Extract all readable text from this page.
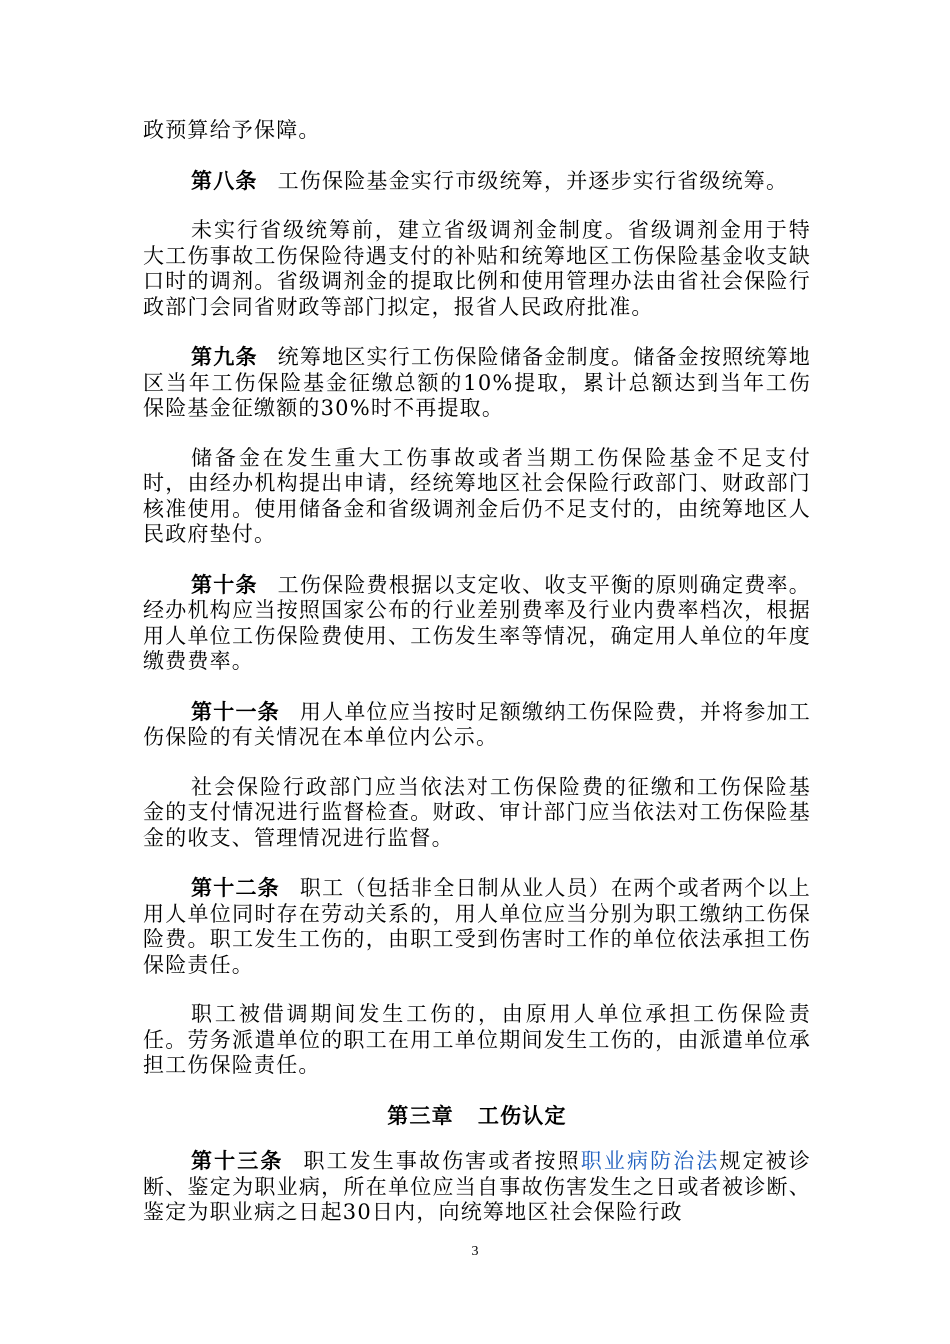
政预算给予保障。

第八条 工伤保险基金实行市级统筹，并逐步实行省级统筹。

未实行省级统筹前，建立省级调剂金制度。省级调剂金用于特大工伤事故工伤保险待遇支付的补贴和统筹地区工伤保险基金收支缺口时的调剂。省级调剂金的提取比例和使用管理办法由省社会保险行政部门会同省财政等部门拟定，报省人民政府批准。

第九条 统筹地区实行工伤保险储备金制度。储备金按照统筹地区当年工伤保险基金征缴总额的10%提取，累计总额达到当年工伤保险基金征缴额的30%时不再提取。

储备金在发生重大工伤事故或者当期工伤保险基金不足支付时，由经办机构提出申请，经统筹地区社会保险行政部门、财政部门核准使用。使用储备金和省级调剂金后仍不足支付的，由统筹地区人民政府垫付。

第十条 工伤保险费根据以支定收、收支平衡的原则确定费率。经办机构应当按照国家公布的行业差别费率及行业内费率档次，根据用人单位工伤保险费使用、工伤发生率等情况，确定用人单位的年度缴费费率。

第十一条 用人单位应当按时足额缴纳工伤保险费，并将参加工伤保险的有关情况在本单位内公示。

社会保险行政部门应当依法对工伤保险费的征缴和工伤保险基金的支付情况进行监督检查。财政、审计部门应当依法对工伤保险基金的收支、管理情况进行监督。

第十二条 职工（包括非全日制从业人员）在两个或者两个以上用人单位同时存在劳动关系的，用人单位应当分别为职工缴纳工伤保险费。职工发生工伤的，由职工受到伤害时工作的单位依法承担工伤保险责任。

职工被借调期间发生工伤的，由原用人单位承担工伤保险责任。劳务派遣单位的职工在用工单位期间发生工伤的，由派遣单位承担工伤保险责任。

第三章 工伤认定

第十三条 职工发生事故伤害或者按照职业病防治法规定被诊断、鉴定为职业病，所在单位应当自事故伤害发生之日或者被诊断、鉴定为职业病之日起30日内，向统筹地区社会保险行政

3
